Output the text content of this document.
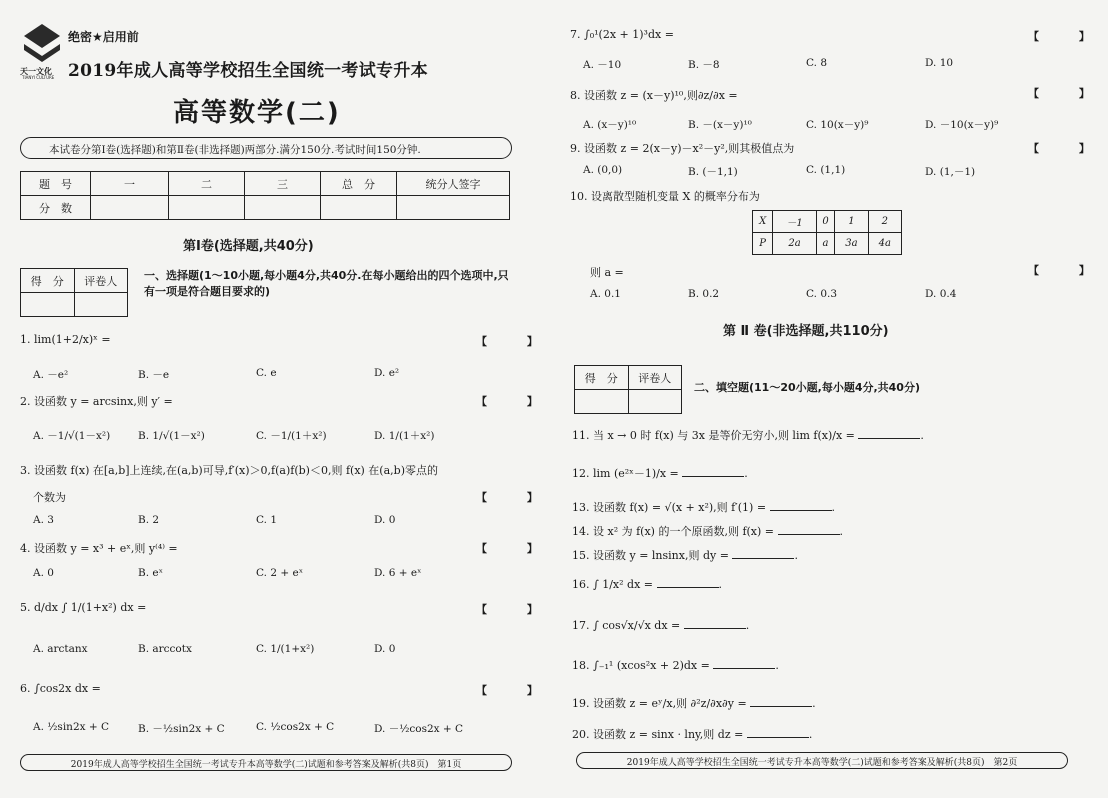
天一文化
TIANYI CULTURE
绝密★启用前
2019年成人高等学校招生全国统一考试专升本
高等数学(二)
本试卷分第Ⅰ卷(选择题)和第Ⅱ卷(非选择题)两部分.满分150分.考试时间150分钟.
题　号	一	二	三	总　分	统分人签字
分　数					
第Ⅰ卷(选择题,共40分)
得　分	评卷人
	一、选择题(1～10小题,每小题4分,共40分.在每小题给出的四个选项中,只有一项是符合题目要求的)
1. lim(1+2/x)ˣ =	【 】
A. －e²	B. －e	C. e	D. e²
2. 设函数 y = arcsinx,则 y′ =	【 】
A. －1/√(1－x²)	B. 1/√(1－x²)	C. －1/(1＋x²)	D. 1/(1＋x²)
3. 设函数 f(x) 在[a,b]上连续,在(a,b)可导,f′(x)＞0,f(a)f(b)＜0,则 f(x) 在(a,b)零点的
个数为	【 】
A. 3	B. 2	C. 1	D. 0
4. 设函数 y = x³ + eˣ,则 y⁽⁴⁾ =	【 】
A. 0	B. eˣ	C. 2 + eˣ	D. 6 + eˣ
5. d/dx ∫ 1/(1+x²) dx =	【 】
A. arctanx	B. arccotx	C. 1/(1+x²)	D. 0
6. ∫cos2x dx =	【 】
A. ½sin2x + C	B. －½sin2x + C	C. ½cos2x + C	D. －½cos2x + C
2019年成人高等学校招生全国统一考试专升本高等数学(二)试题和参考答案及解析(共8页)　第1页
7. ∫₀¹(2x + 1)³dx =	【 】
A. －10	B. －8	C. 8	D. 10
8. 设函数 z = (x－y)¹⁰,则∂z/∂x =	【 】
A. (x－y)¹⁰	B. －(x－y)¹⁰	C. 10(x－y)⁹	D. －10(x－y)⁹
9. 设函数 z = 2(x－y)－x²－y²,则其极值点为	【 】
A. (0,0)	B. (－1,1)	C. (1,1)	D. (1,－1)
10. 设离散型随机变量 X 的概率分布为
则 a =	【 】
A. 0.1	B. 0.2	C. 0.3	D. 0.4
第 Ⅱ 卷(非选择题,共110分)
二、填空题(11～20小题,每小题4分,共40分)
11. 当 x → 0 时 f(x) 与 3x 是等价无穷小,则 lim f(x)/x =	.
12. lim (e²ˣ－1)/x =	.
13. 设函数 f(x) = √(x + x²),则 f′(1) =	.
14. 设 x² 为 f(x) 的一个原函数,则 f(x) =	.
15. 设函数 y = lnsinx,则 dy =	.
16. ∫ 1/x² dx =	.
17. ∫ cos√x/√x dx =	.
18. ∫₋₁¹ (xcos²x + 2)dx =	.
19. 设函数 z = eʸ/x,则 ∂²z/∂x∂y =	.
20. 设函数 z = sinx · lny,则 dz =	.
2019年成人高等学校招生全国统一考试专升本高等数学(二)试题和参考答案及解析(共8页)　第2页
X	－1	0	1	2
P	2a	a	3a	4a
得　分	评卷人
